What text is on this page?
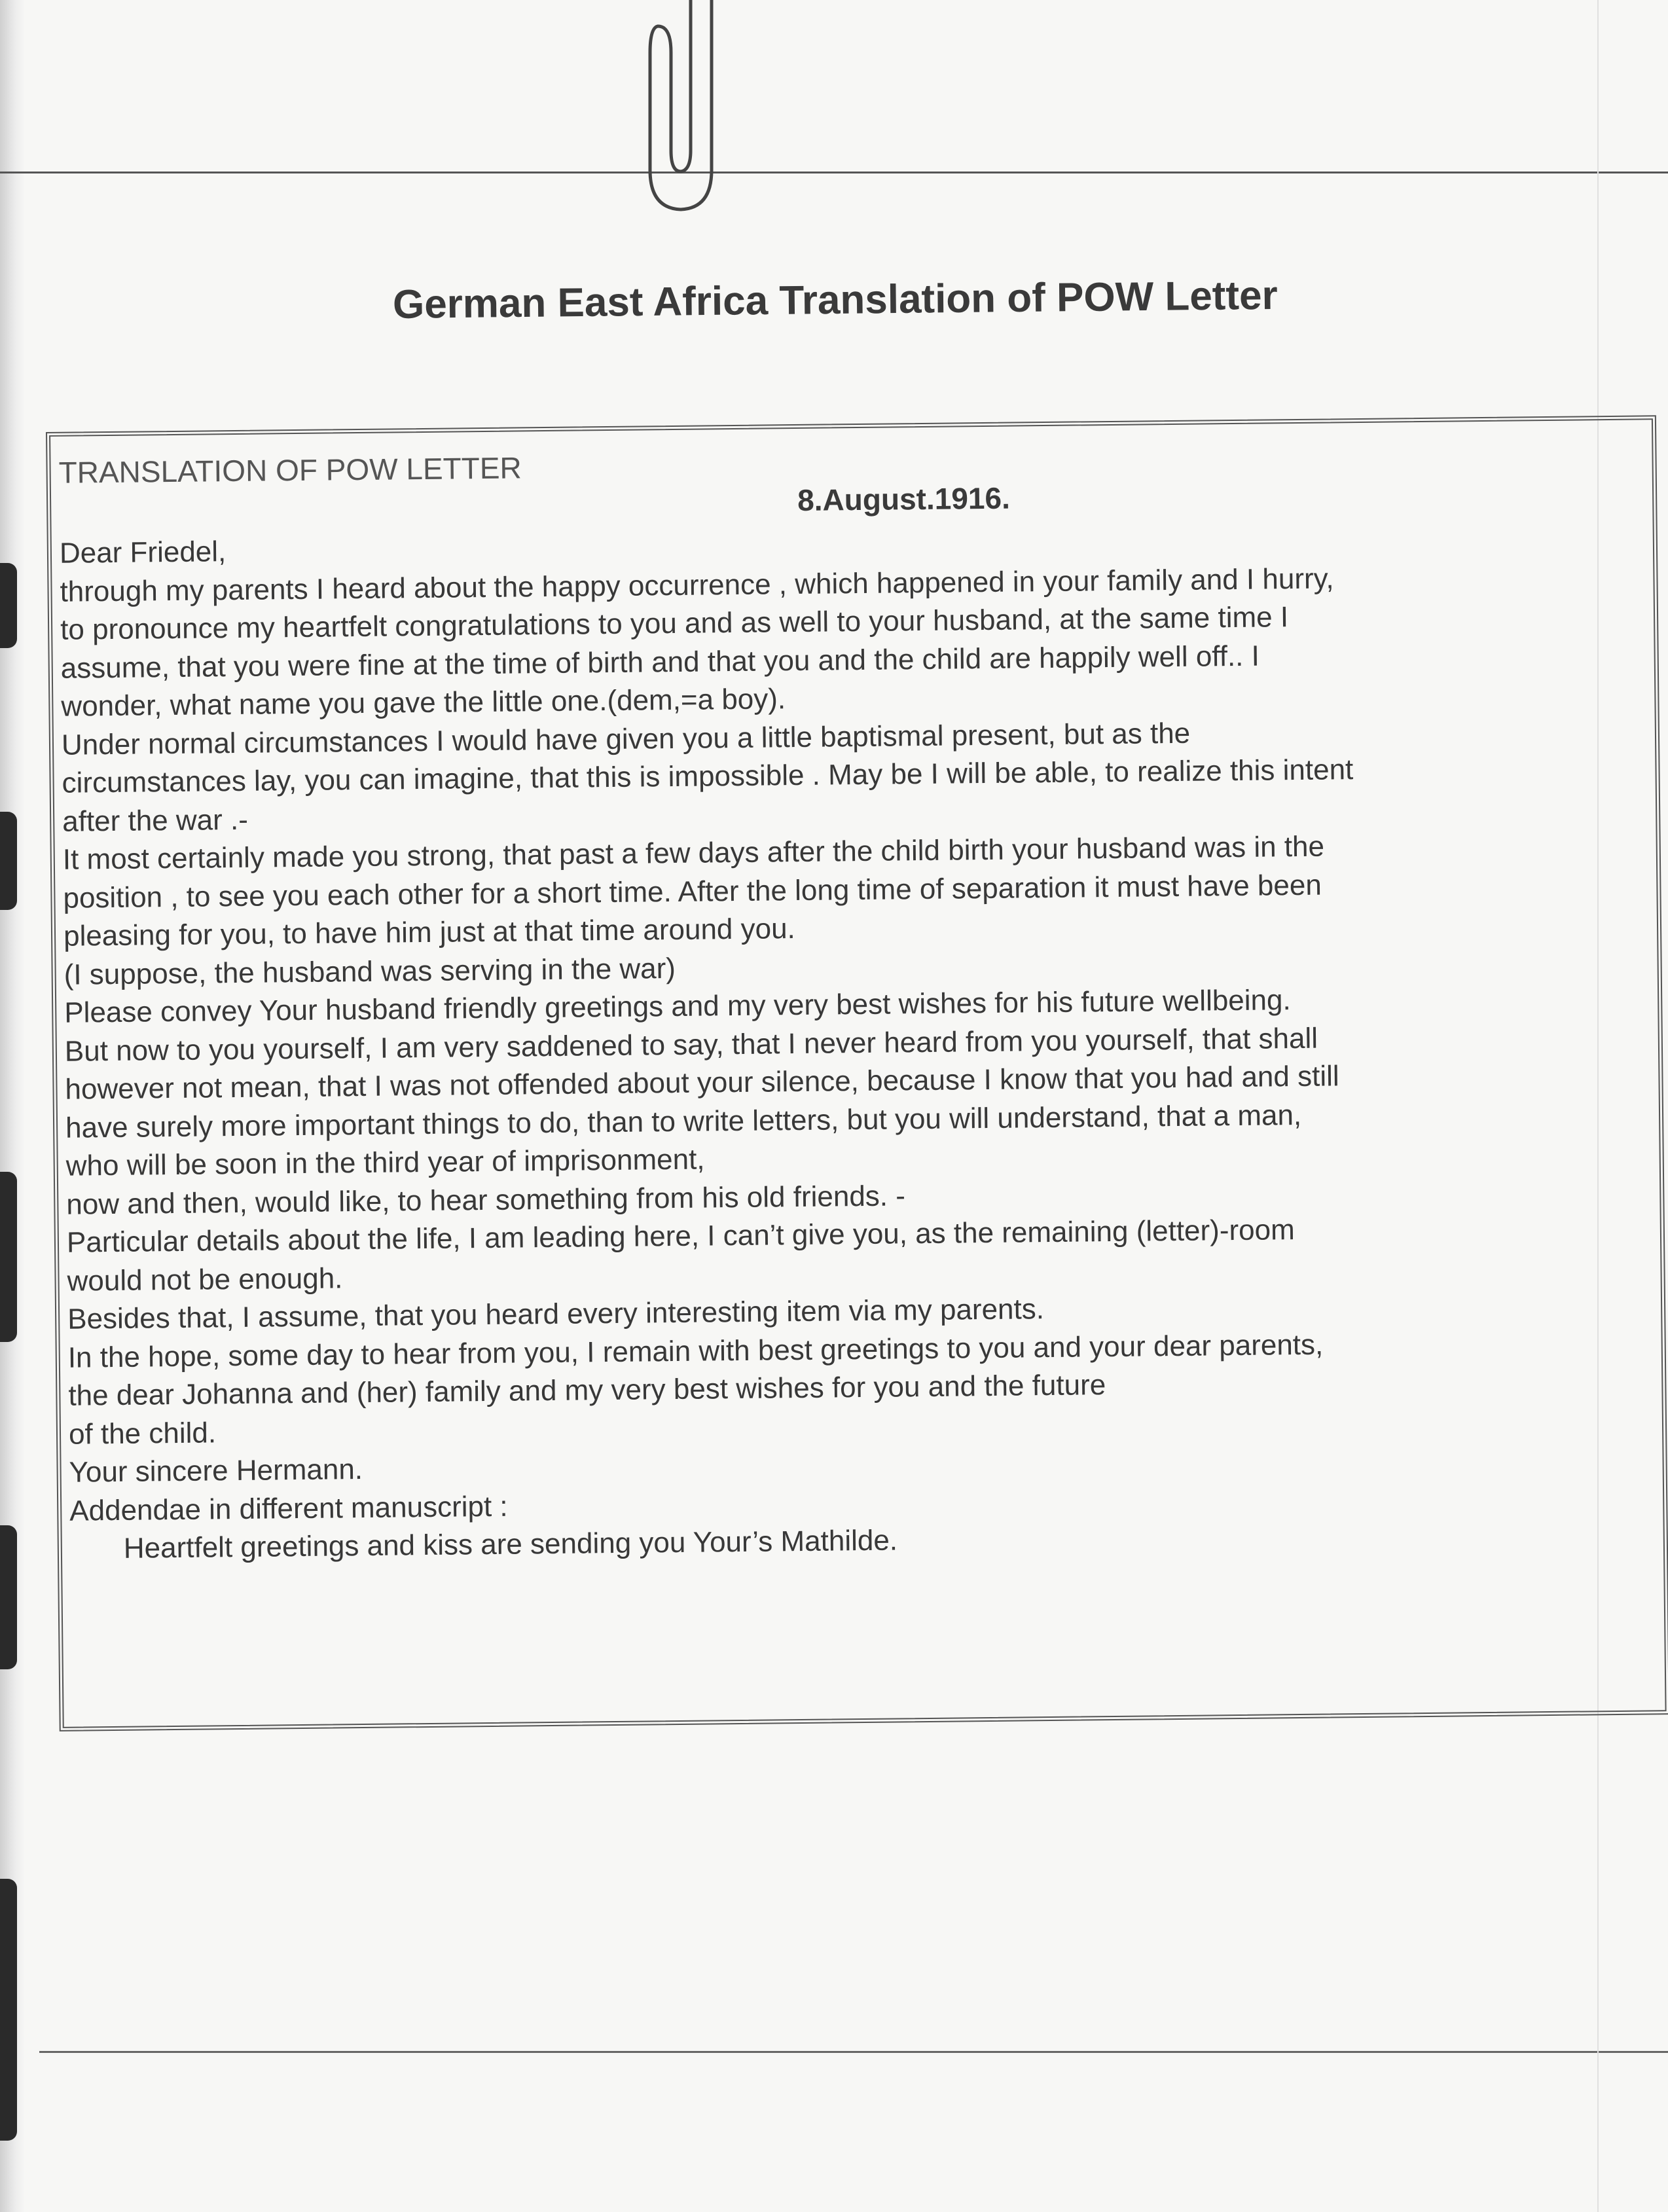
German East Africa Translation of POW Letter
TRANSLATION OF POW LETTER
8.August.1916.
Dear Friedel,
through my parents I heard about the happy occurrence , which happened in your family and I hurry,
to pronounce my heartfelt congratulations to you and as well to your husband, at the same time I
assume, that you were fine at the time of birth and that you and the child are happily well off.. I
wonder, what name you gave the little one.(dem,=a boy).
Under normal circumstances I would have given you a little baptismal present, but as the
circumstances lay, you can imagine, that this is impossible . May be I will be able, to realize this intent
after the war .-
It most certainly made you strong, that past a few days after the child birth your husband was in the
position , to see you each other for a short time. After the long time of separation it must have been
pleasing for you, to have him just at that time around you.
(I suppose, the husband was serving in the war)
Please convey Your husband friendly greetings and my very best wishes for his future wellbeing.
But now to you yourself, I am very saddened to say, that I never heard from you yourself, that shall
however not mean, that I was not offended about your silence, because I know that you had and still
have surely more important things to do, than to write letters, but you will understand, that a man,
who will be soon in the third year of imprisonment,
now and then, would like, to hear something from his old friends. -
Particular details about the life, I am leading here, I can’t give you, as the remaining (letter)-room
would not be enough.
Besides that, I assume, that you heard every interesting item via my parents.
In the hope, some day to hear from you, I remain with best greetings to you and your dear parents,
the dear Johanna and (her) family and my very best wishes for you and the future
of the child.
Your sincere Hermann.
Addendae in different manuscript :
Heartfelt greetings and kiss are sending you Your’s Mathilde.
